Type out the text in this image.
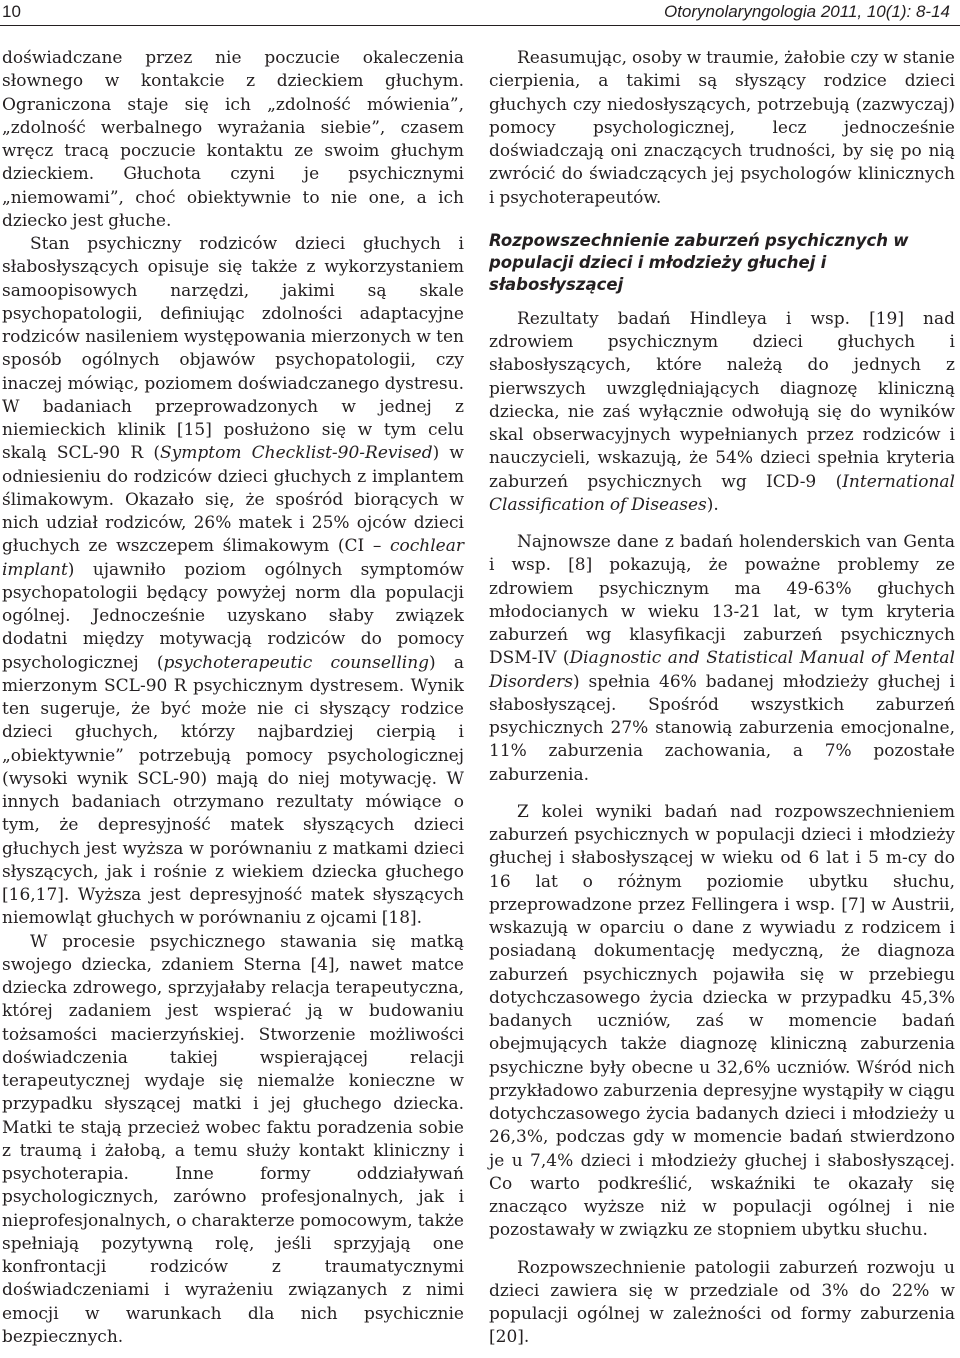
10	Otorynolaryngologia 2011, 10(1): 8-14

doświadczane przez nie poczucie okaleczenia słownego w kontakcie z dzieckiem głuchym. Ograniczona staje się ich „zdolność mówienia”, „zdolność werbalnego wyrażania siebie”, czasem wręcz tracą poczucie kontaktu ze swoim głuchym dzieckiem. Głuchota czyni je psychicznymi „niemowami”, choć obiektywnie to nie one, a ich dziecko jest głuche.

Stan psychiczny rodziców dzieci głuchych i słabosłyszących opisuje się także z wykorzystaniem samoopisowych narzędzi, jakimi są skale psychopatologii, definiując zdolności adaptacyjne rodziców nasileniem występowania mierzonych w ten sposób ogólnych objawów psychopatologii, czy inaczej mówiąc, poziomem doświadczanego dystresu. W badaniach przeprowadzonych w jednej z niemieckich klinik [15] posłużono się w tym celu skalą SCL-90 R (Symptom Checklist-90-Revised) w odniesieniu do rodziców dzieci głuchych z implantem ślimakowym. Okazało się, że spośród biorących w nich udział rodziców, 26% matek i 25% ojców dzieci głuchych ze wszczepem ślimakowym (CI – cochlear implant) ujawniło poziom ogólnych symptomów psychopatologii będący powyżej norm dla populacji ogólnej. Jednocześnie uzyskano słaby związek dodatni między motywacją rodziców do pomocy psychologicznej (psychoterapeutic counselling) a mierzonym SCL-90 R psychicznym dystresem. Wynik ten sugeruje, że być może nie ci słyszący rodzice dzieci głuchych, którzy najbardziej cierpią i „obiektywnie” potrzebują pomocy psychologicznej (wysoki wynik SCL-90) mają do niej motywację. W innych badaniach otrzymano rezultaty mówiące o tym, że depresyjność matek słyszących dzieci głuchych jest wyższa w porównaniu z matkami dzieci słyszących, jak i rośnie z wiekiem dziecka głuchego [16,17]. Wyższa jest depresyjność matek słyszących niemowląt głuchych w porównaniu z ojcami [18].

W procesie psychicznego stawania się matką swojego dziecka, zdaniem Sterna [4], nawet matce dziecka zdrowego, sprzyjałaby relacja terapeutyczna, której zadaniem jest wspierać ją w budowaniu tożsamości macierzyńskiej. Stworzenie możliwości doświadczenia takiej wspierającej relacji terapeutycznej wydaje się niemalże konieczne w przypadku słyszącej matki i jej głuchego dziecka. Matki te stają przecież wobec faktu poradzenia sobie z traumą i żałobą, a temu służy kontakt kliniczny i psychoterapia. Inne formy oddziaływań psychologicznych, zarówno profesjonalnych, jak i nieprofesjonalnych, o charakterze pomocowym, także spełniają pozytywną rolę, jeśli sprzyjają one konfrontacji rodziców z traumatycznymi doświadczeniami i wyrażeniu związanych z nimi emocji w warunkach dla nich psychicznie bezpiecznych.

Reasumując, osoby w traumie, żałobie czy w stanie cierpienia, a takimi są słyszący rodzice dzieci głuchych czy niedosłyszących, potrzebują (zazwyczaj) pomocy psychologicznej, lecz jednocześnie doświadczają oni znaczących trudności, by się po nią zwrócić do świadczących jej psychologów klinicznych i psychoterapeutów.

Rozpowszechnienie zaburzeń psychicznych w populacji dzieci i młodzieży głuchej i słabosłyszącej

Rezultaty badań Hindleya i wsp. [19] nad zdrowiem psychicznym dzieci głuchych i słabosłyszących, które należą do jednych z pierwszych uwzględniających diagnozę kliniczną dziecka, nie zaś wyłącznie odwołują się do wyników skal obserwacyjnych wypełnianych przez rodziców i nauczycieli, wskazują, że 54% dzieci spełnia kryteria zaburzeń psychicznych wg ICD-9 (International Classification of Diseases).

Najnowsze dane z badań holenderskich van Genta i wsp. [8] pokazują, że poważne problemy ze zdrowiem psychicznym ma 49-63% głuchych młodocianych w wieku 13-21 lat, w tym kryteria zaburzeń wg klasyfikacji zaburzeń psychicznych DSM-IV (Diagnostic and Statistical Manual of Mental Disorders) spełnia 46% badanej młodzieży głuchej i słabosłyszącej. Spośród wszystkich zaburzeń psychicznych 27% stanowią zaburzenia emocjonalne, 11% zaburzenia zachowania, a 7% pozostałe zaburzenia.

Z kolei wyniki badań nad rozpowszechnieniem zaburzeń psychicznych w populacji dzieci i młodzieży głuchej i słabosłyszącej w wieku od 6 lat i 5 m-cy do 16 lat o różnym poziomie ubytku słuchu, przeprowadzone przez Fellingera i wsp. [7] w Austrii, wskazują w oparciu o dane z wywiadu z rodzicem i posiadaną dokumentację medyczną, że diagnoza zaburzeń psychicznych pojawiła się w przebiegu dotychczasowego życia dziecka w przypadku 45,3% badanych uczniów, zaś w momencie badań obejmujących także diagnozę kliniczną zaburzenia psychiczne były obecne u 32,6% uczniów. Wśród nich przykładowo zaburzenia depresyjne wystąpiły w ciągu dotychczasowego życia badanych dzieci i młodzieży u 26,3%, podczas gdy w momencie badań stwierdzono je u 7,4% dzieci i młodzieży głuchej i słabosłyszącej. Co warto podkreślić, wskaźniki te okazały się znacząco wyższe niż w populacji ogólnej i nie pozostawały w związku ze stopniem ubytku słuchu.

Rozpowszechnienie patologii zaburzeń rozwoju u dzieci zawiera się w przedziale od 3% do 22% w populacji ogólnej w zależności od formy zaburzenia [20].
